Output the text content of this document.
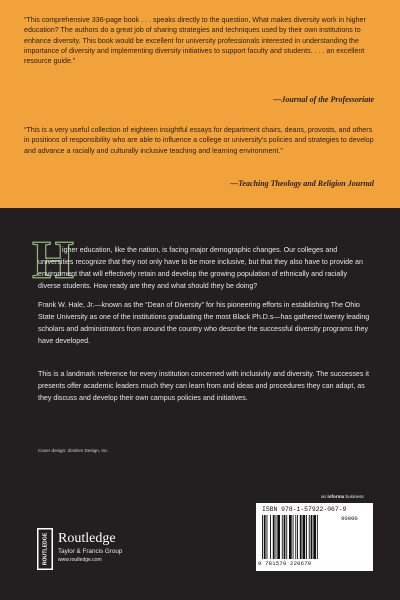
“This comprehensive 336-page book . . . speaks directly to the question, What makes diversity work in higher education? The authors do a great job of sharing strategies and techniques used by their own institutions to enhance diversity. This book would be excellent for university professionals interested in understanding the importance of diversity and implementing diversity initiatives to support faculty and students. . . . an excellent resource guide.”

—Journal of the Professoriate

“This is a very useful collection of eighteen insightful essays for department chairs, deans, provosts, and others in positions of responsibility who are able to influence a college or university’s policies and strategies to develop and advance a racially and culturally inclusive teaching and learning environment.”

—Teaching Theology and Religion Journal
H

igher education, like the nation, is facing major demographic changes. Our colleges and universities recognize that they not only have to be more inclusive, but that they also have to provide an environment that will effectively retain and develop the growing population of ethnically and racially diverse students. How ready are they and what should they be doing?

Frank W. Hale, Jr.—known as the “Dean of Diversity” for his pioneering efforts in establishing The Ohio State University as one of the institutions graduating the most Black Ph.D.s—has gathered twenty leading scholars and administrators from around the country who describe the successful diversity programs they have developed.

This is a landmark reference for every institution concerned with inclusivity and diversity. The successes it presents offer academic leaders much they can learn from and ideas and procedures they can adapt, as they discuss and develop their own campus policies and initiatives.

Cover design: Zindren Design, Inc.
an informa business
ROUTLEDGE Routledge
Taylor & Francis Group
www.routledge.com
ISBN 978-1-57922-067-9
90000
9 781579 220679
